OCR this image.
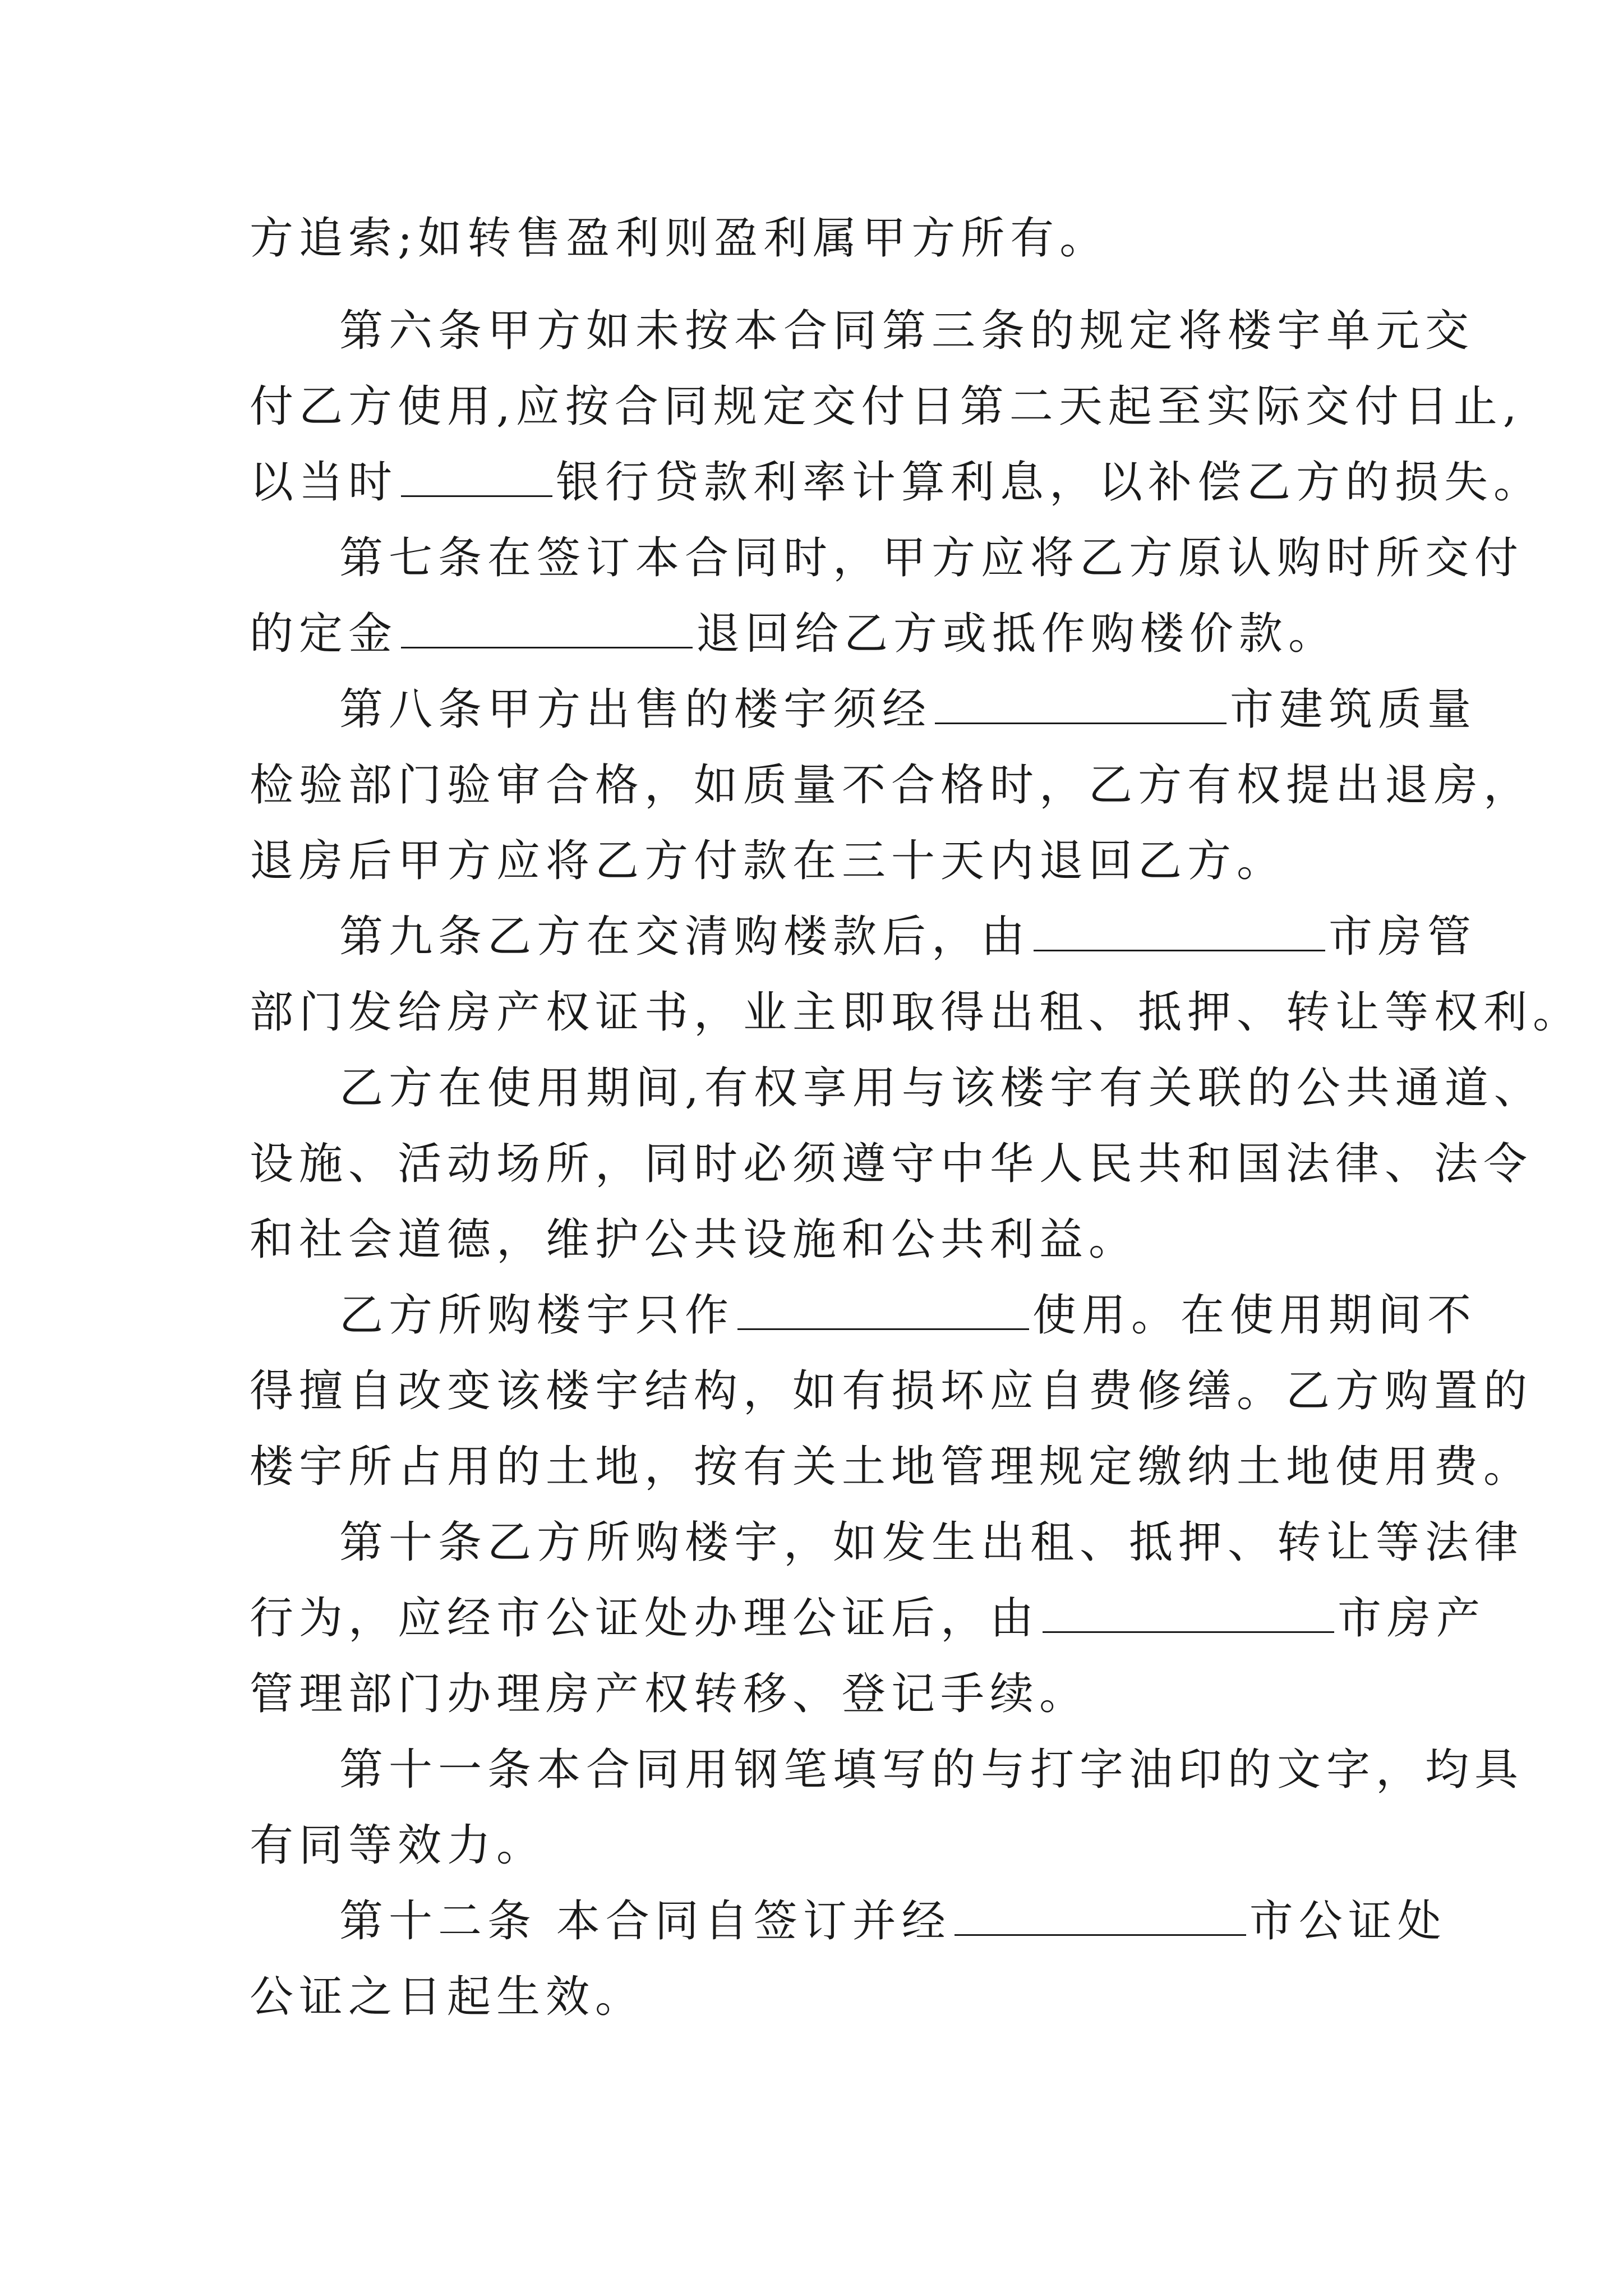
方追索;如转售盈利则盈利属甲方所有。
第六条甲方如未按本合同第三条的规定将楼宇单元交
付乙方使用,应按合同规定交付日第二天起至实际交付日止,
以当时	银行贷款利率计算利息，以补偿乙方的损失。
第七条在签订本合同时，甲方应将乙方原认购时所交付
的定金	退回给乙方或抵作购楼价款。
第八条甲方出售的楼宇须经	市建筑质量
检验部门验审合格，如质量不合格时，乙方有权提出退房，
退房后甲方应将乙方付款在三十天内退回乙方。
第九条乙方在交清购楼款后，由	市房管
部门发给房产权证书，业主即取得出租、抵押、转让等权利。
乙方在使用期间,有权享用与该楼宇有关联的公共通道、
设施、活动场所，同时必须遵守中华人民共和国法律、法令
和社会道德，维护公共设施和公共利益。
乙方所购楼宇只作	使用。在使用期间不
得擅自改变该楼宇结构，如有损坏应自费修缮。乙方购置的
楼宇所占用的土地，按有关土地管理规定缴纳土地使用费。
第十条乙方所购楼宇，如发生出租、抵押、转让等法律
行为，应经市公证处办理公证后，由	市房产
管理部门办理房产权转移、登记手续。
第十一条本合同用钢笔填写的与打字油印的文字，均具
有同等效力。
第十二条 本合同自签订并经	市公证处
公证之日起生效。
